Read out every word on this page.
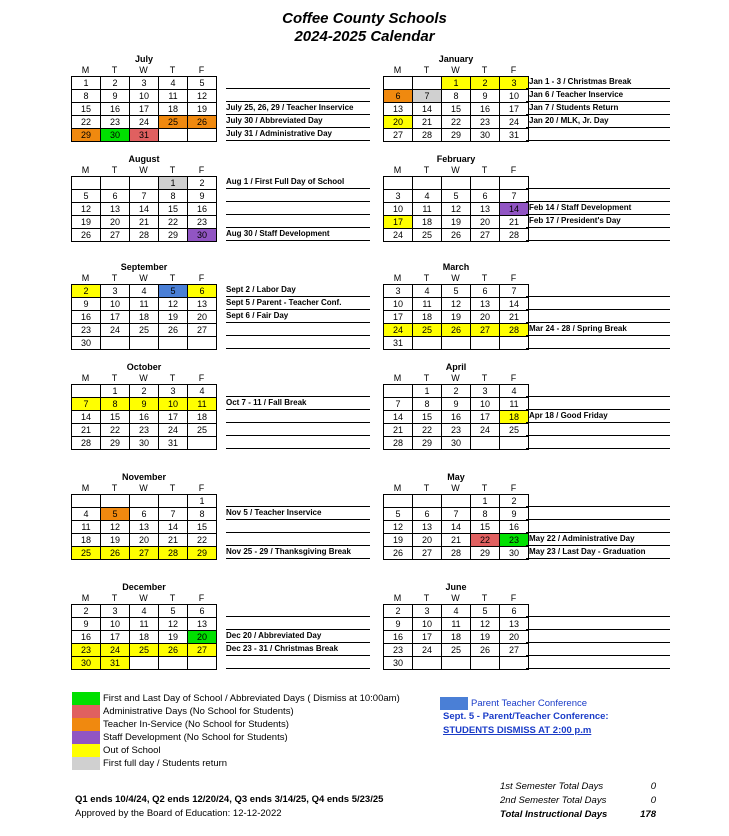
Coffee County Schools
2024-2025 Calendar
July
M	T	W	T	F
1	2	3	4	5
8	9	10	11	12
15	16	17	18	19
22	23	24	25	26
29	30	31		
July 25, 26, 29 / Teacher Inservice
July 30 / Abbreviated Day
July 31 / Administrative Day
August
M	T	W	T	F
			1	2
5	6	7	8	9
12	13	14	15	16
19	20	21	22	23
26	27	28	29	30
Aug 1 / First Full Day of School
Aug 30 / Staff Development
September
M	T	W	T	F
2	3	4	5	6
9	10	11	12	13
16	17	18	19	20
23	24	25	26	27
30				
Sept 2 / Labor Day
Sept 5 / Parent - Teacher Conf.
Sept 6 / Fair Day
October
M	T	W	T	F
	1	2	3	4
7	8	9	10	11
14	15	16	17	18
21	22	23	24	25
28	29	30	31	
Oct 7 - 11 / Fall Break
November
M	T	W	T	F
				1
4	5	6	7	8
11	12	13	14	15
18	19	20	21	22
25	26	27	28	29
Nov 5 / Teacher Inservice
Nov 25 - 29 / Thanksgiving Break
December
M	T	W	T	F
2	3	4	5	6
9	10	11	12	13
16	17	18	19	20
23	24	25	26	27
30	31			
Dec 20 / Abbreviated Day
Dec 23 - 31 / Christmas Break
January
M	T	W	T	F
		1	2	3
6	7	8	9	10
13	14	15	16	17
20	21	22	23	24
27	28	29	30	31
Jan 1 - 3 / Christmas Break
Jan 6 / Teacher Inservice
Jan 7 / Students Return
Jan 20 / MLK, Jr. Day
February
M	T	W	T	F

3	4	5	6	7
10	11	12	13	14
17	18	19	20	21
24	25	26	27	28
Feb 14 / Staff Development
Feb 17 / President's Day
March
M	T	W	T	F
3	4	5	6	7
10	11	12	13	14
17	18	19	20	21
24	25	26	27	28
31				
Mar 24 - 28 / Spring Break
April
M	T	W	T	F
	1	2	3	4
7	8	9	10	11
14	15	16	17	18
21	22	23	24	25
28	29	30		
Apr 18 / Good Friday
May
M	T	W	T	F
			1	2
5	6	7	8	9
12	13	14	15	16
19	20	21	22	23
26	27	28	29	30
May 22 / Administrative Day
May 23 / Last Day - Graduation
June
M	T	W	T	F
2	3	4	5	6
9	10	11	12	13
16	17	18	19	20
23	24	25	26	27
30				
First and Last Day of School / Abbreviated Days ( Dismiss at 10:00am)
Administrative Days (No School for Students)
Teacher In-Service (No School for Students)
Staff Development (No School for Students)
Out of School
First full day / Students return
Parent Teacher Conference
Sept. 5 - Parent/Teacher Conference:
STUDENTS DISMISS AT 2:00 p.m
1st Semester Total Days	0
2nd Semester Total Days	0
Total Instructional Days	178
Q1 ends 10/4/24, Q2 ends 12/20/24, Q3 ends 3/14/25, Q4 ends 5/23/25
Approved by the Board of Education: 12-12-2022
